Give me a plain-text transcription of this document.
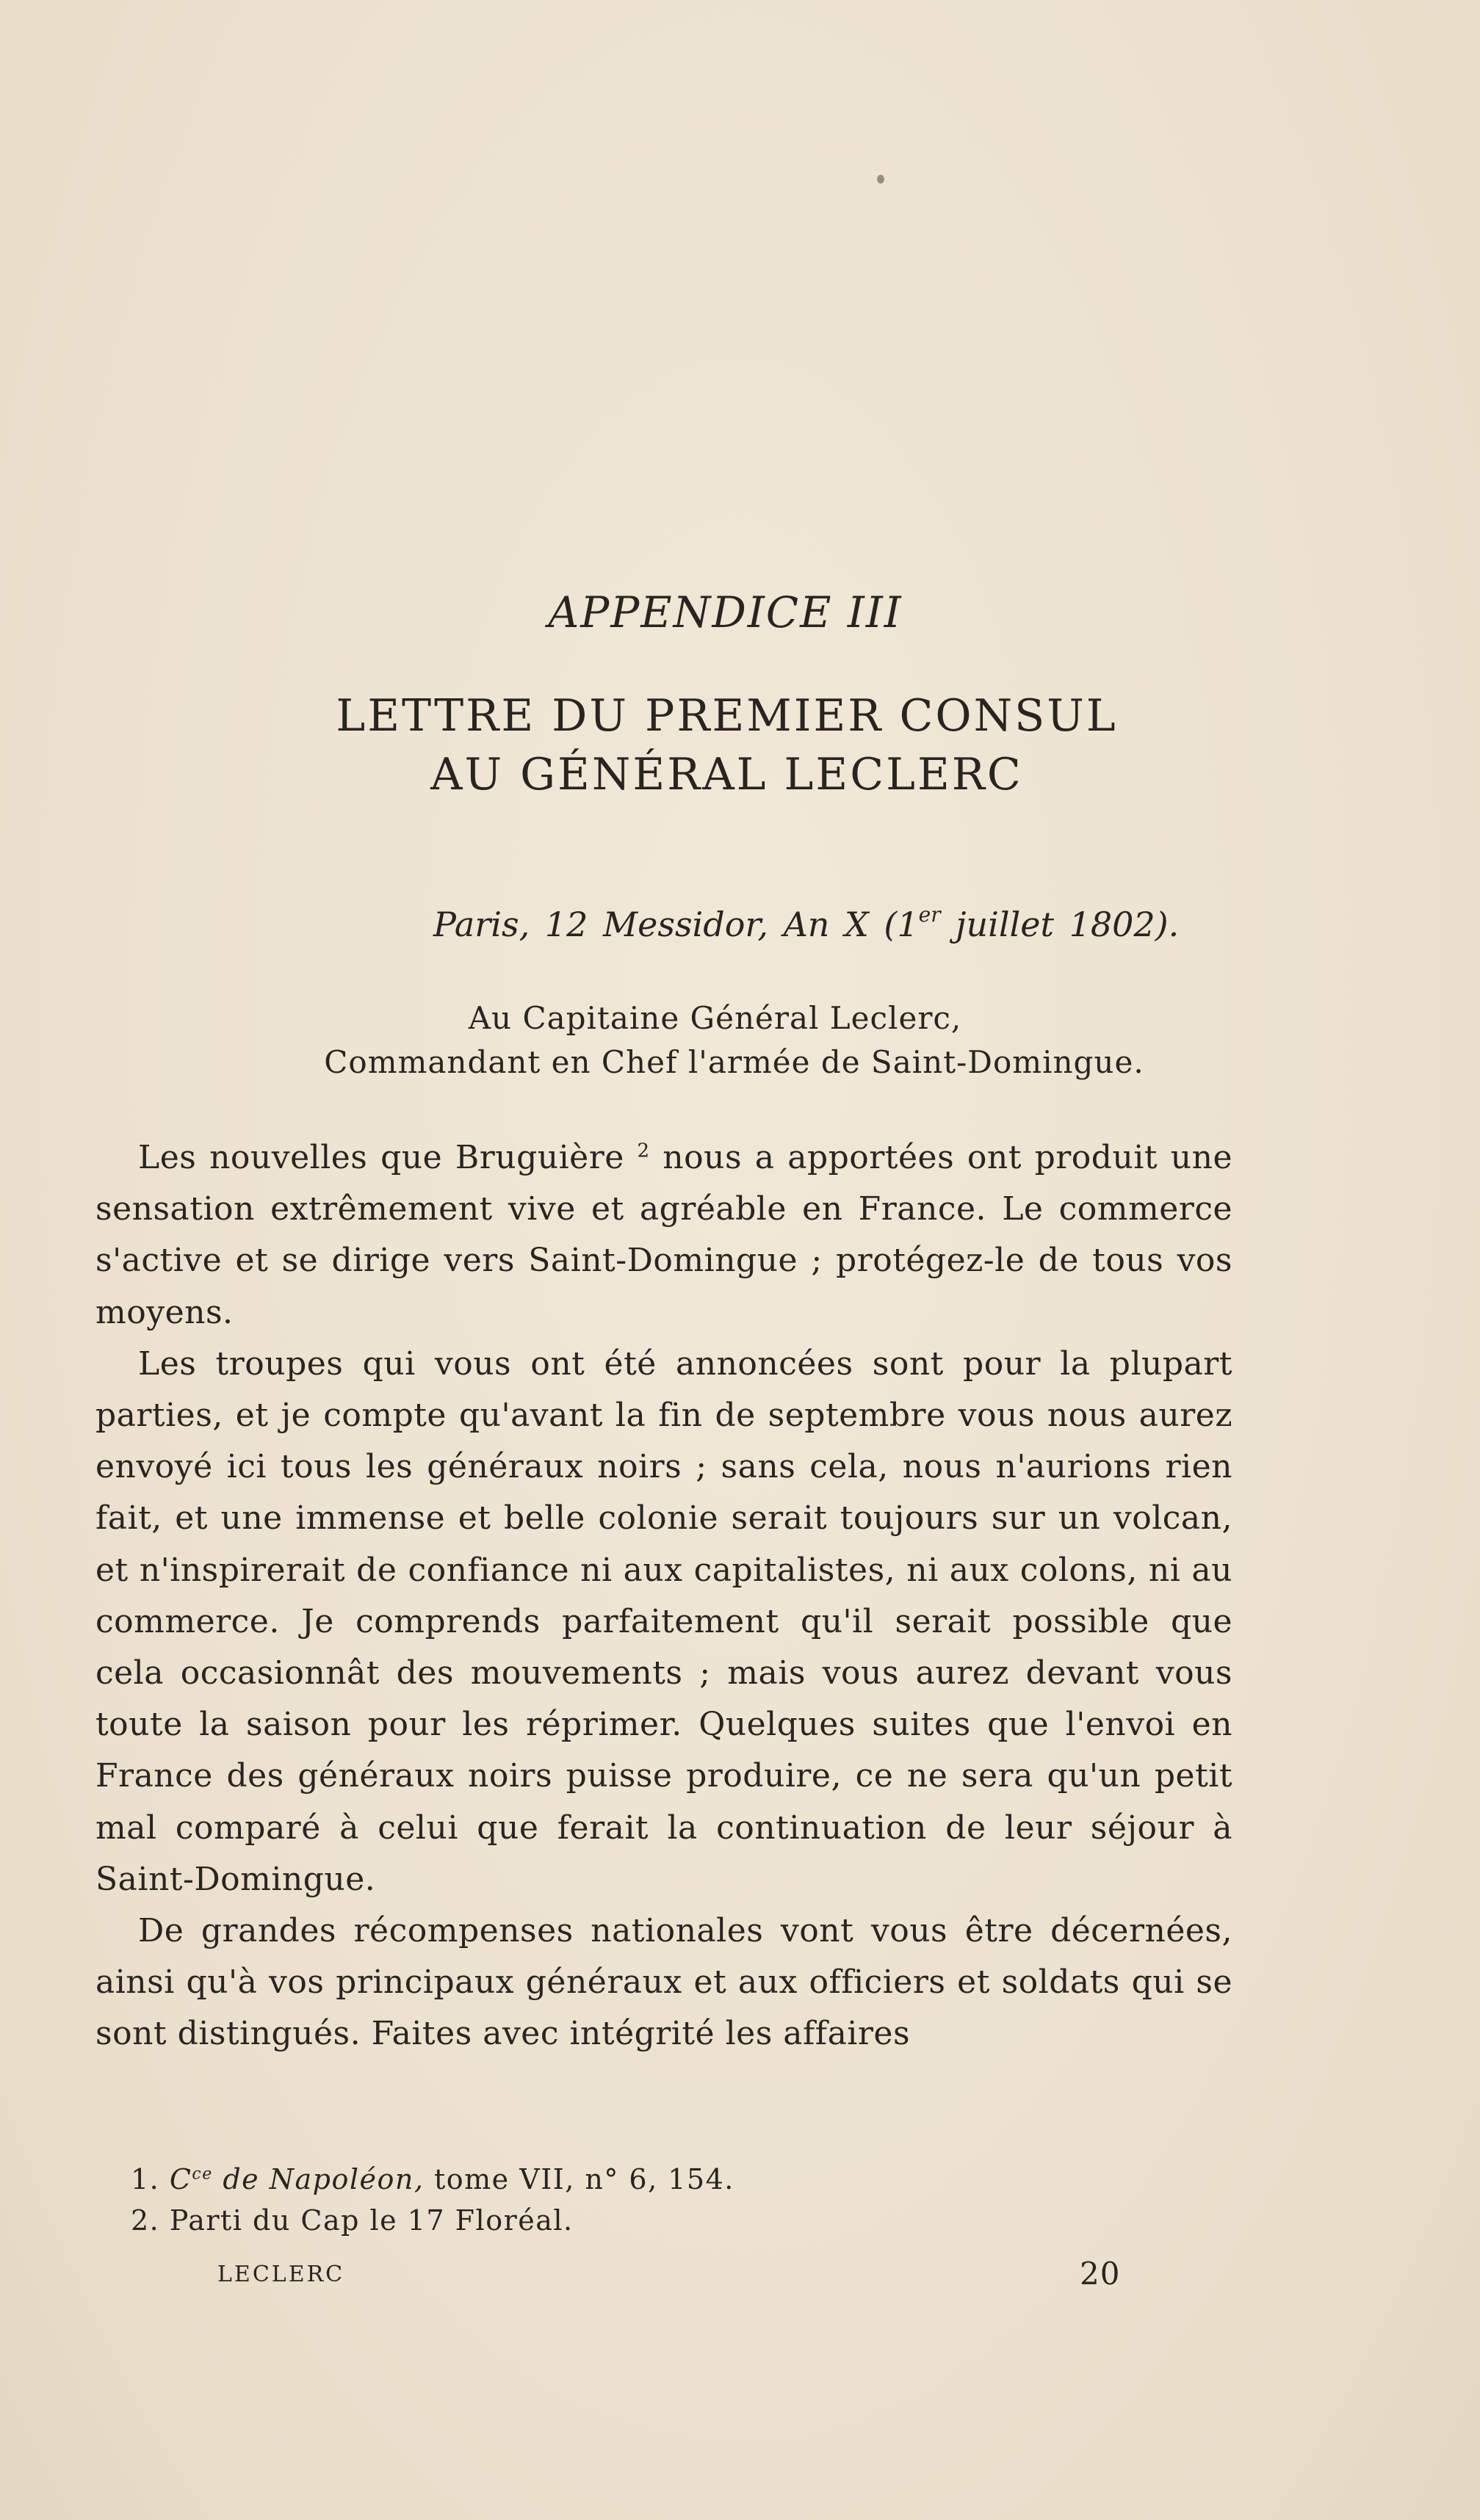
APPENDICE III
LETTRE DU PREMIER CONSUL
AU GÉNÉRAL LECLERC
Paris, 12 Messidor, An X (1er juillet 1802).
Au Capitaine Général Leclerc,
Commandant en Chef l'armée de Saint-Domingue.

Les nouvelles que Bruguière $^2$ nous a apportées ont produit une sensation extrêmement vive et agréable en France. Le commerce s'active et se dirige vers Saint-Domingue ; protégez-le de tous vos moyens.

Les troupes qui vous ont été annoncées sont pour la plupart parties, et je compte qu'avant la fin de septembre vous nous aurez envoyé ici tous les généraux noirs ; sans cela, nous n'aurions rien fait, et une immense et belle colonie serait toujours sur un volcan, et n'inspirerait de confiance ni aux capitalistes, ni aux colons, ni au commerce. Je comprends parfaitement qu'il serait possible que cela occasionnât des mouvements ; mais vous aurez devant vous toute la saison pour les réprimer. Quelques suites que l'envoi en France des généraux noirs puisse produire, ce ne sera qu'un petit mal comparé à celui que ferait la continuation de leur séjour à Saint-Domingue.

De grandes récompenses nationales vont vous être décernées, ainsi qu'à vos principaux généraux et aux officiers et soldats qui se sont distingués. Faites avec intégrité les affaires

1. $C^{ce}$ de Napoléon, tome VII, n° 6, 154.
2. Parti du Cap le 17 Floréal.
LECLERC	20
